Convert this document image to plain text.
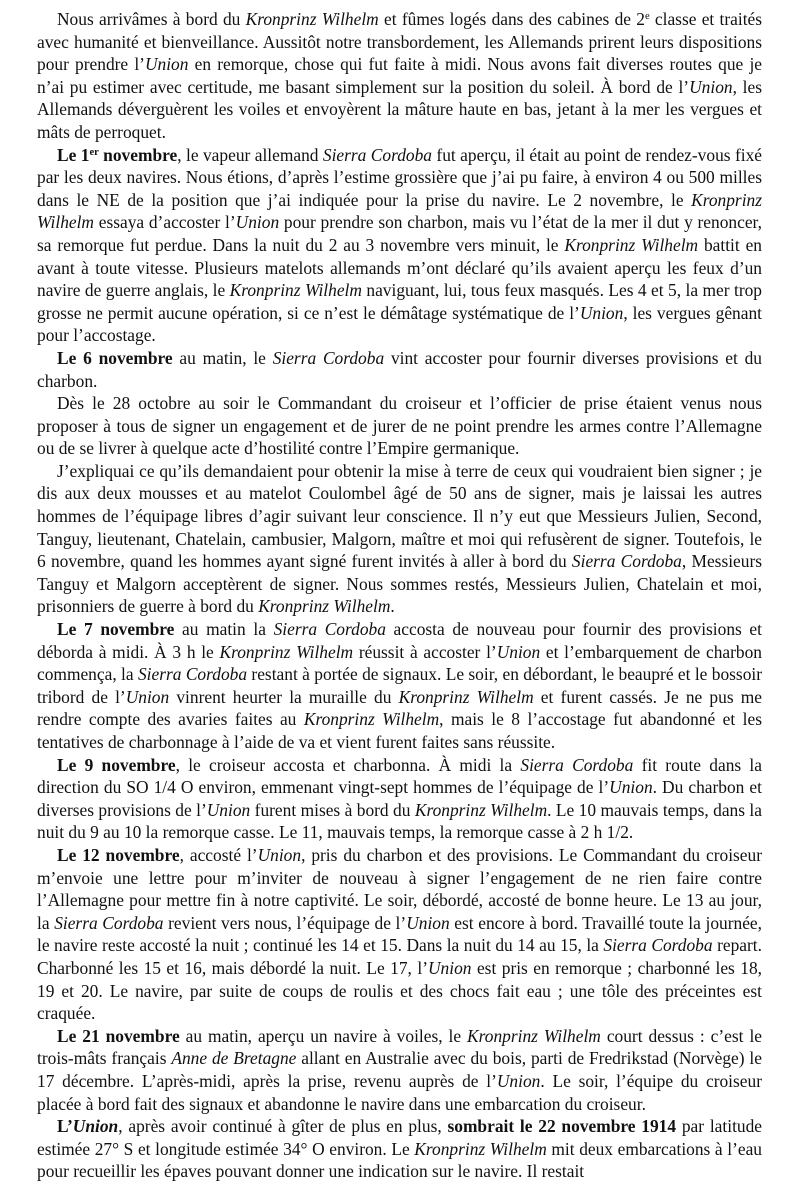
Nous arrivâmes à bord du Kronprinz Wilhelm et fûmes logés dans des cabines de 2e classe et traités avec humanité et bienveillance. Aussitôt notre transbordement, les Allemands prirent leurs dispositions pour prendre l’Union en remorque, chose qui fut faite à midi. Nous avons fait diverses routes que je n’ai pu estimer avec certitude, me basant simplement sur la position du soleil. À bord de l’Union, les Allemands déverguèrent les voiles et envoyèrent la mâture haute en bas, jetant à la mer les vergues et mâts de perroquet.

Le 1er novembre, le vapeur allemand Sierra Cordoba fut aperçu, il était au point de rendez-vous fixé par les deux navires. Nous étions, d’après l’estime grossière que j’ai pu faire, à environ 4 ou 500 milles dans le NE de la position que j’ai indiquée pour la prise du navire. Le 2 novembre, le Kronprinz Wilhelm essaya d’accoster l’Union pour prendre son charbon, mais vu l’état de la mer il dut y renoncer, sa remorque fut perdue. Dans la nuit du 2 au 3 novembre vers minuit, le Kronprinz Wilhelm battit en avant à toute vitesse. Plusieurs matelots allemands m’ont déclaré qu’ils avaient aperçu les feux d’un navire de guerre anglais, le Kronprinz Wilhelm naviguant, lui, tous feux masqués. Les 4 et 5, la mer trop grosse ne permit aucune opération, si ce n’est le démâtage systématique de l’Union, les vergues gênant pour l’accostage.

Le 6 novembre au matin, le Sierra Cordoba vint accoster pour fournir diverses provisions et du charbon.

Dès le 28 octobre au soir le Commandant du croiseur et l’officier de prise étaient venus nous proposer à tous de signer un engagement et de jurer de ne point prendre les armes contre l’Allemagne ou de se livrer à quelque acte d’hostilité contre l’Empire germanique.

J’expliquai ce qu’ils demandaient pour obtenir la mise à terre de ceux qui voudraient bien signer ; je dis aux deux mousses et au matelot Coulombel âgé de 50 ans de signer, mais je laissai les autres hommes de l’équipage libres d’agir suivant leur conscience. Il n’y eut que Messieurs Julien, Second, Tanguy, lieutenant, Chatelain, cambusier, Malgorn, maître et moi qui refusèrent de signer. Toutefois, le 6 novembre, quand les hommes ayant signé furent invités à aller à bord du Sierra Cordoba, Messieurs Tanguy et Malgorn acceptèrent de signer. Nous sommes restés, Messieurs Julien, Chatelain et moi, prisonniers de guerre à bord du Kronprinz Wilhelm.

Le 7 novembre au matin la Sierra Cordoba accosta de nouveau pour fournir des provisions et déborda à midi. À 3 h le Kronprinz Wilhelm réussit à accoster l’Union et l’embarquement de charbon commença, la Sierra Cordoba restant à portée de signaux. Le soir, en débordant, le beaupré et le bossoir tribord de l’Union vinrent heurter la muraille du Kronprinz Wilhelm et furent cassés. Je ne pus me rendre compte des avaries faites au Kronprinz Wilhelm, mais le 8 l’accostage fut abandonné et les tentatives de charbonnage à l’aide de va et vient furent faites sans réussite.

Le 9 novembre, le croiseur accosta et charbonna. À midi la Sierra Cordoba fit route dans la direction du SO 1/4 O environ, emmenant vingt-sept hommes de l’équipage de l’Union. Du charbon et diverses provisions de l’Union furent mises à bord du Kronprinz Wilhelm. Le 10 mauvais temps, dans la nuit du 9 au 10 la remorque casse. Le 11, mauvais temps, la remorque casse à 2 h 1/2.

Le 12 novembre, accosté l’Union, pris du charbon et des provisions. Le Commandant du croiseur m’envoie une lettre pour m’inviter de nouveau à signer l’engagement de ne rien faire contre l’Allemagne pour mettre fin à notre captivité. Le soir, débordé, accosté de bonne heure. Le 13 au jour, la Sierra Cordoba revient vers nous, l’équipage de l’Union est encore à bord. Travaillé toute la journée, le navire reste accosté la nuit ; continué les 14 et 15. Dans la nuit du 14 au 15, la Sierra Cordoba repart. Charbonné les 15 et 16, mais débordé la nuit. Le 17, l’Union est pris en remorque ; charbonné les 18, 19 et 20. Le navire, par suite de coups de roulis et des chocs fait eau ; une tôle des préceintes est craquée.

Le 21 novembre au matin, aperçu un navire à voiles, le Kronprinz Wilhelm court dessus : c’est le trois-mâts français Anne de Bretagne allant en Australie avec du bois, parti de Fredrikstad (Norvège) le 17 décembre. L’après-midi, après la prise, revenu auprès de l’Union. Le soir, l’équipe du croiseur placée à bord fait des signaux et abandonne le navire dans une embarcation du croiseur.

L’Union, après avoir continué à gîter de plus en plus, sombrait le 22 novembre 1914 par latitude estimée 27° S et longitude estimée 34° O environ. Le Kronprinz Wilhelm mit deux embarcations à l’eau pour recueillir les épaves pouvant donner une indication sur le navire. Il restait
